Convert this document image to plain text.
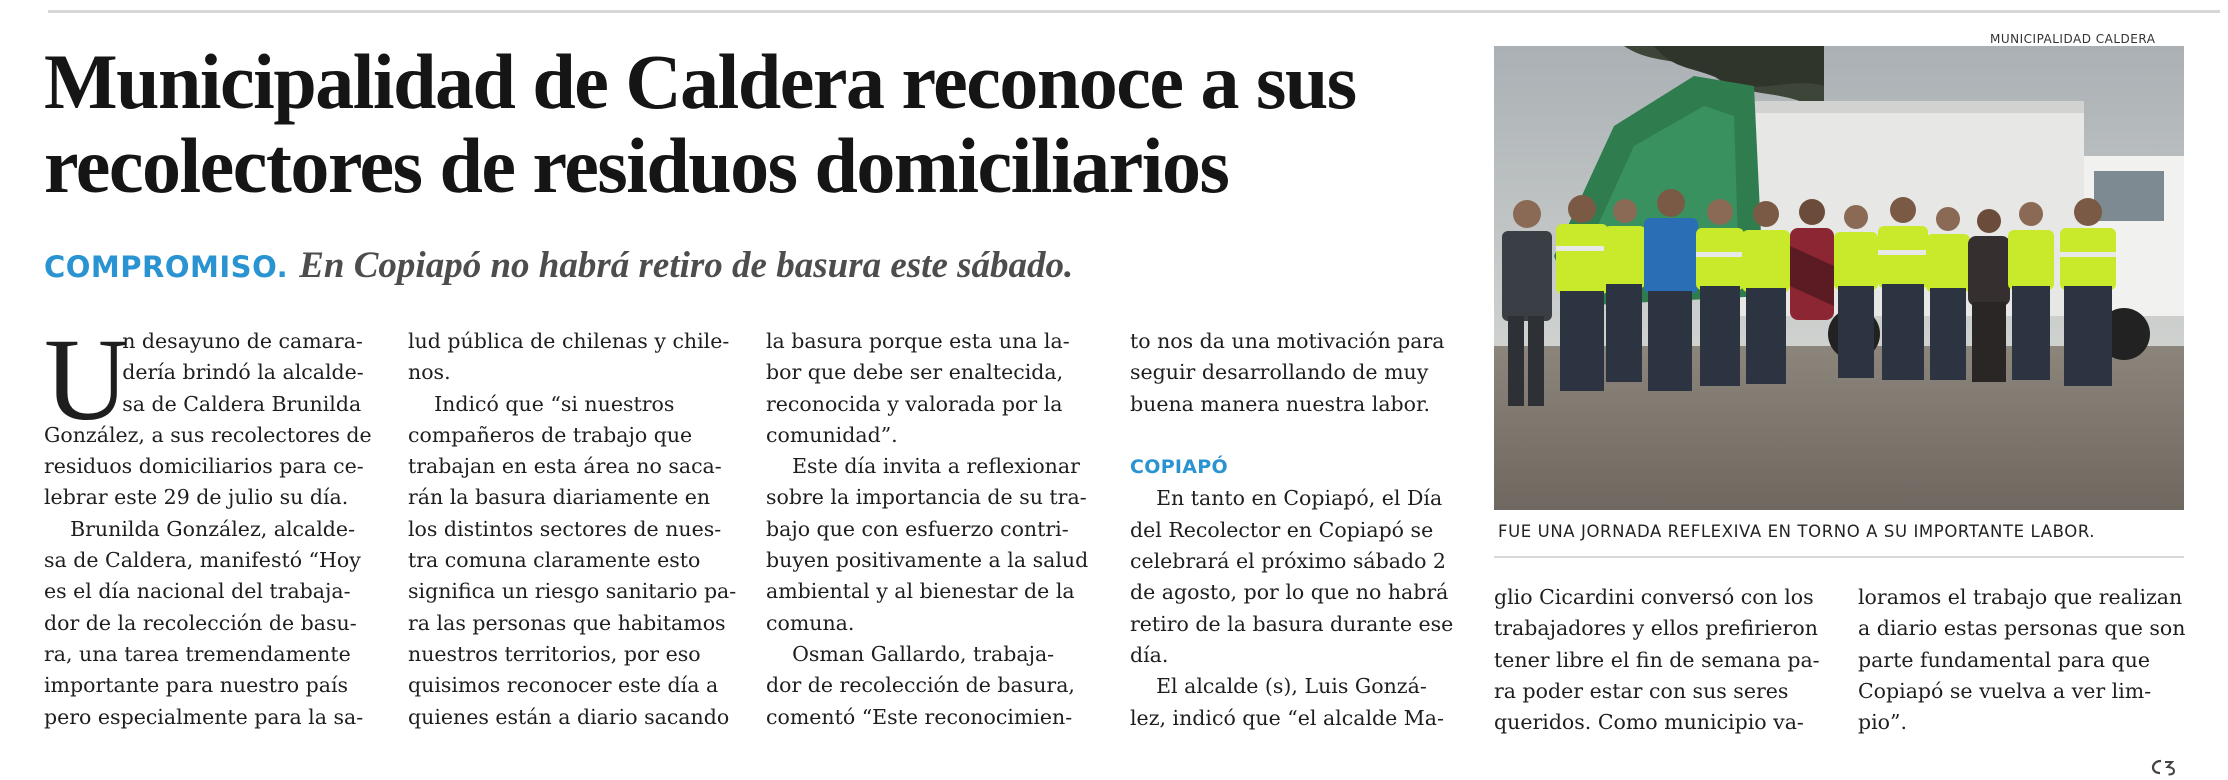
Municipalidad de Caldera reconoce a sus
recolectores de residuos domiciliarios
COMPROMISO. En Copiapó no habrá retiro de basura este sábado.
U
n desayuno de camara-
dería brindó la alcalde-
sa de Caldera Brunilda
González, a sus recolectores de
residuos domiciliarios para ce-
lebrar este 29 de julio su día.
Brunilda González, alcalde-
sa de Caldera, manifestó “Hoy
es el día nacional del trabaja-
dor de la recolección de basu-
ra, una tarea tremendamente
importante para nuestro país
pero especialmente para la sa-
lud pública de chilenas y chile-
nos.
Indicó que “si nuestros
compañeros de trabajo que
trabajan en esta área no saca-
rán la basura diariamente en
los distintos sectores de nues-
tra comuna claramente esto
significa un riesgo sanitario pa-
ra las personas que habitamos
nuestros territorios, por eso
quisimos reconocer este día a
quienes están a diario sacando
la basura porque esta una la-
bor que debe ser enaltecida,
reconocida y valorada por la
comunidad”.
Este día invita a reflexionar
sobre la importancia de su tra-
bajo que con esfuerzo contri-
buyen positivamente a la salud
ambiental y al bienestar de la
comuna.
Osman Gallardo, trabaja-
dor de recolección de basura,
comentó “Este reconocimien-
to nos da una motivación para
seguir desarrollando de muy
buena manera nuestra labor.

COPIAPÓ
En tanto en Copiapó, el Día
del Recolector en Copiapó se
celebrará el próximo sábado 2
de agosto, por lo que no habrá
retiro de la basura durante ese
día.
El alcalde (s), Luis Gonzá-
lez, indicó que “el alcalde Ma-
glio Cicardini conversó con los
trabajadores y ellos prefirieron
tener libre el fin de semana pa-
ra poder estar con sus seres
queridos. Como municipio va-
loramos el trabajo que realizan
a diario estas personas que son
parte fundamental para que
Copiapó se vuelva a ver lim-
pio”.
MUNICIPALIDAD CALDERA
FUE UNA JORNADA REFLEXIVA EN TORNO A SU IMPORTANTE LABOR.
